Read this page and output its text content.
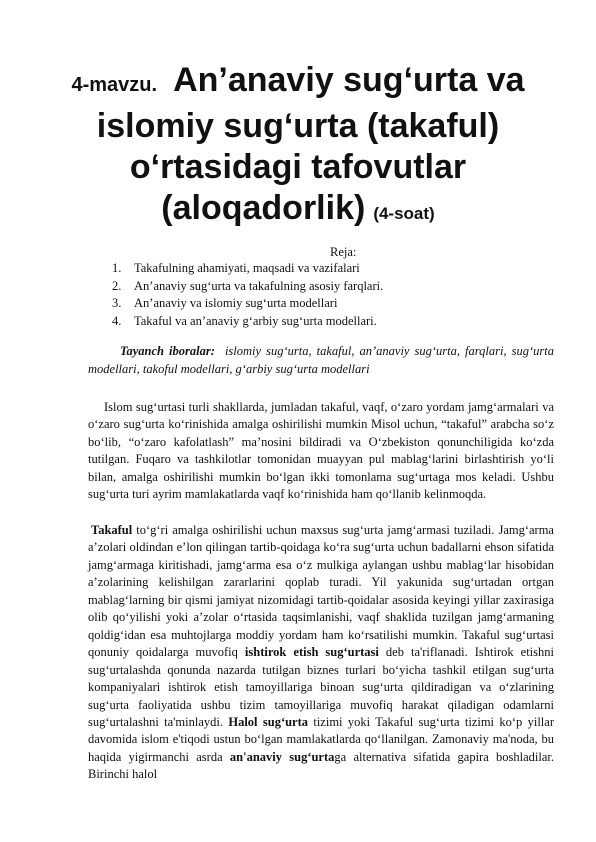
4-mavzu. An’anaviy sug‘urta va islomiy sug‘urta (takaful) o‘rtasidagi tafovutlar (aloqadorlik) (4-soat)
Reja:
1. Takafulning ahamiyati, maqsadi va vazifalari
2. An’anaviy sug‘urta va takafulning asosiy farqlari.
3. An’anaviy va islomiy sug‘urta modellari
4. Takaful va an’anaviy g‘arbiy sug‘urta modellari.

Tayanch iboralar: islomiy sug‘urta, takaful, an’anaviy sug‘urta, farqlari, sug‘urta modellari, takoful modellari, g‘arbiy sug‘urta modellari

Islom sug‘urtasi turli shakllarda, jumladan takaful, vaqf, o‘zaro yordam jamg‘armalari va o‘zaro sug‘urta ko‘rinishida amalga oshirilishi mumkin Misol uchun, “takaful” arabcha so‘z bo‘lib, “o‘zaro kafolatlash” ma’nosini bildiradi va O‘zbekiston qonunchiligida ko‘zda tutilgan. Fuqaro va tashkilotlar tomonidan muayyan pul mablag‘larini birlashtirish yo‘li bilan, amalga oshirilishi mumkin bo‘lgan ikki tomonlama sug‘urtaga mos keladi. Ushbu sug‘urta turi ayrim mamlakatlarda vaqf ko‘rinishida ham qo‘llanib kelinmoqda.

Takaful to‘g‘ri amalga oshirilishi uchun maxsus sug‘urta jamg‘armasi tuziladi. Jamg‘arma a’zolari oldindan e’lon qilingan tartib-qoidaga ko‘ra sug‘urta uchun badallarni ehson sifatida jamg‘armaga kiritishadi, jamg‘arma esa o‘z mulkiga aylangan ushbu mablag‘lar hisobidan a’zolarining kelishilgan zararlarini qoplab turadi. Yil yakunida sug‘urtadan ortgan mablag‘larning bir qismi jamiyat nizomidagi tartib-qoidalar asosida keyingi yillar zaxirasiga olib qo‘yilishi yoki a’zolar o‘rtasida taqsimlanishi, vaqf shaklida tuzilgan jamg‘armaning qoldig‘idan esa muhtojlarga moddiy yordam ham ko‘rsatilishi mumkin. Takaful sug‘urtasi qonuniy qoidalarga muvofiq ishtirok etish sug‘urtasi deb ta'riflanadi. Ishtirok etishni sug‘urtalashda qonunda nazarda tutilgan biznes turlari bo‘yicha tashkil etilgan sug‘urta kompaniyalari ishtirok etish tamoyillariga binoan sug‘urta qildiradigan va o‘zlarining sug‘urta faoliyatida ushbu tizim tamoyillariga muvofiq harakat qiladigan odamlarni sug‘urtalashni ta'minlaydi. Halol sug‘urta tizimi yoki Takaful sug‘urta tizimi ko‘p yillar davomida islom e'tiqodi ustun bo‘lgan mamlakatlarda qo‘llanilgan. Zamonaviy ma'noda, bu haqida yigirmanchi asrda an'anaviy sug‘urtaga alternativa sifatida gapira boshladilar. Birinchi halol
